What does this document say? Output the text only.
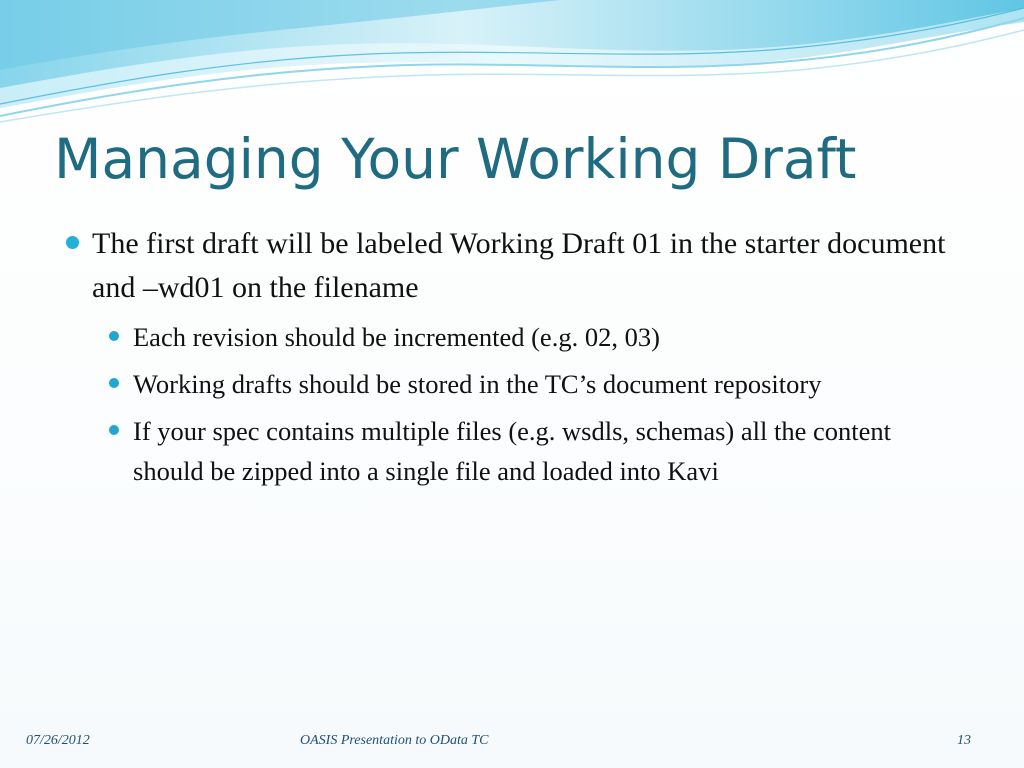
Managing Your Working Draft
The first draft will be labeled Working Draft 01 in the starter document and –wd01 on the filename
Each revision should be incremented (e.g. 02, 03)
Working drafts should be stored in the TC’s document repository
If your spec contains multiple files (e.g. wsdls, schemas) all the content should be zipped into a single file and loaded into Kavi
07/26/2012	OASIS Presentation to OData TC	13
